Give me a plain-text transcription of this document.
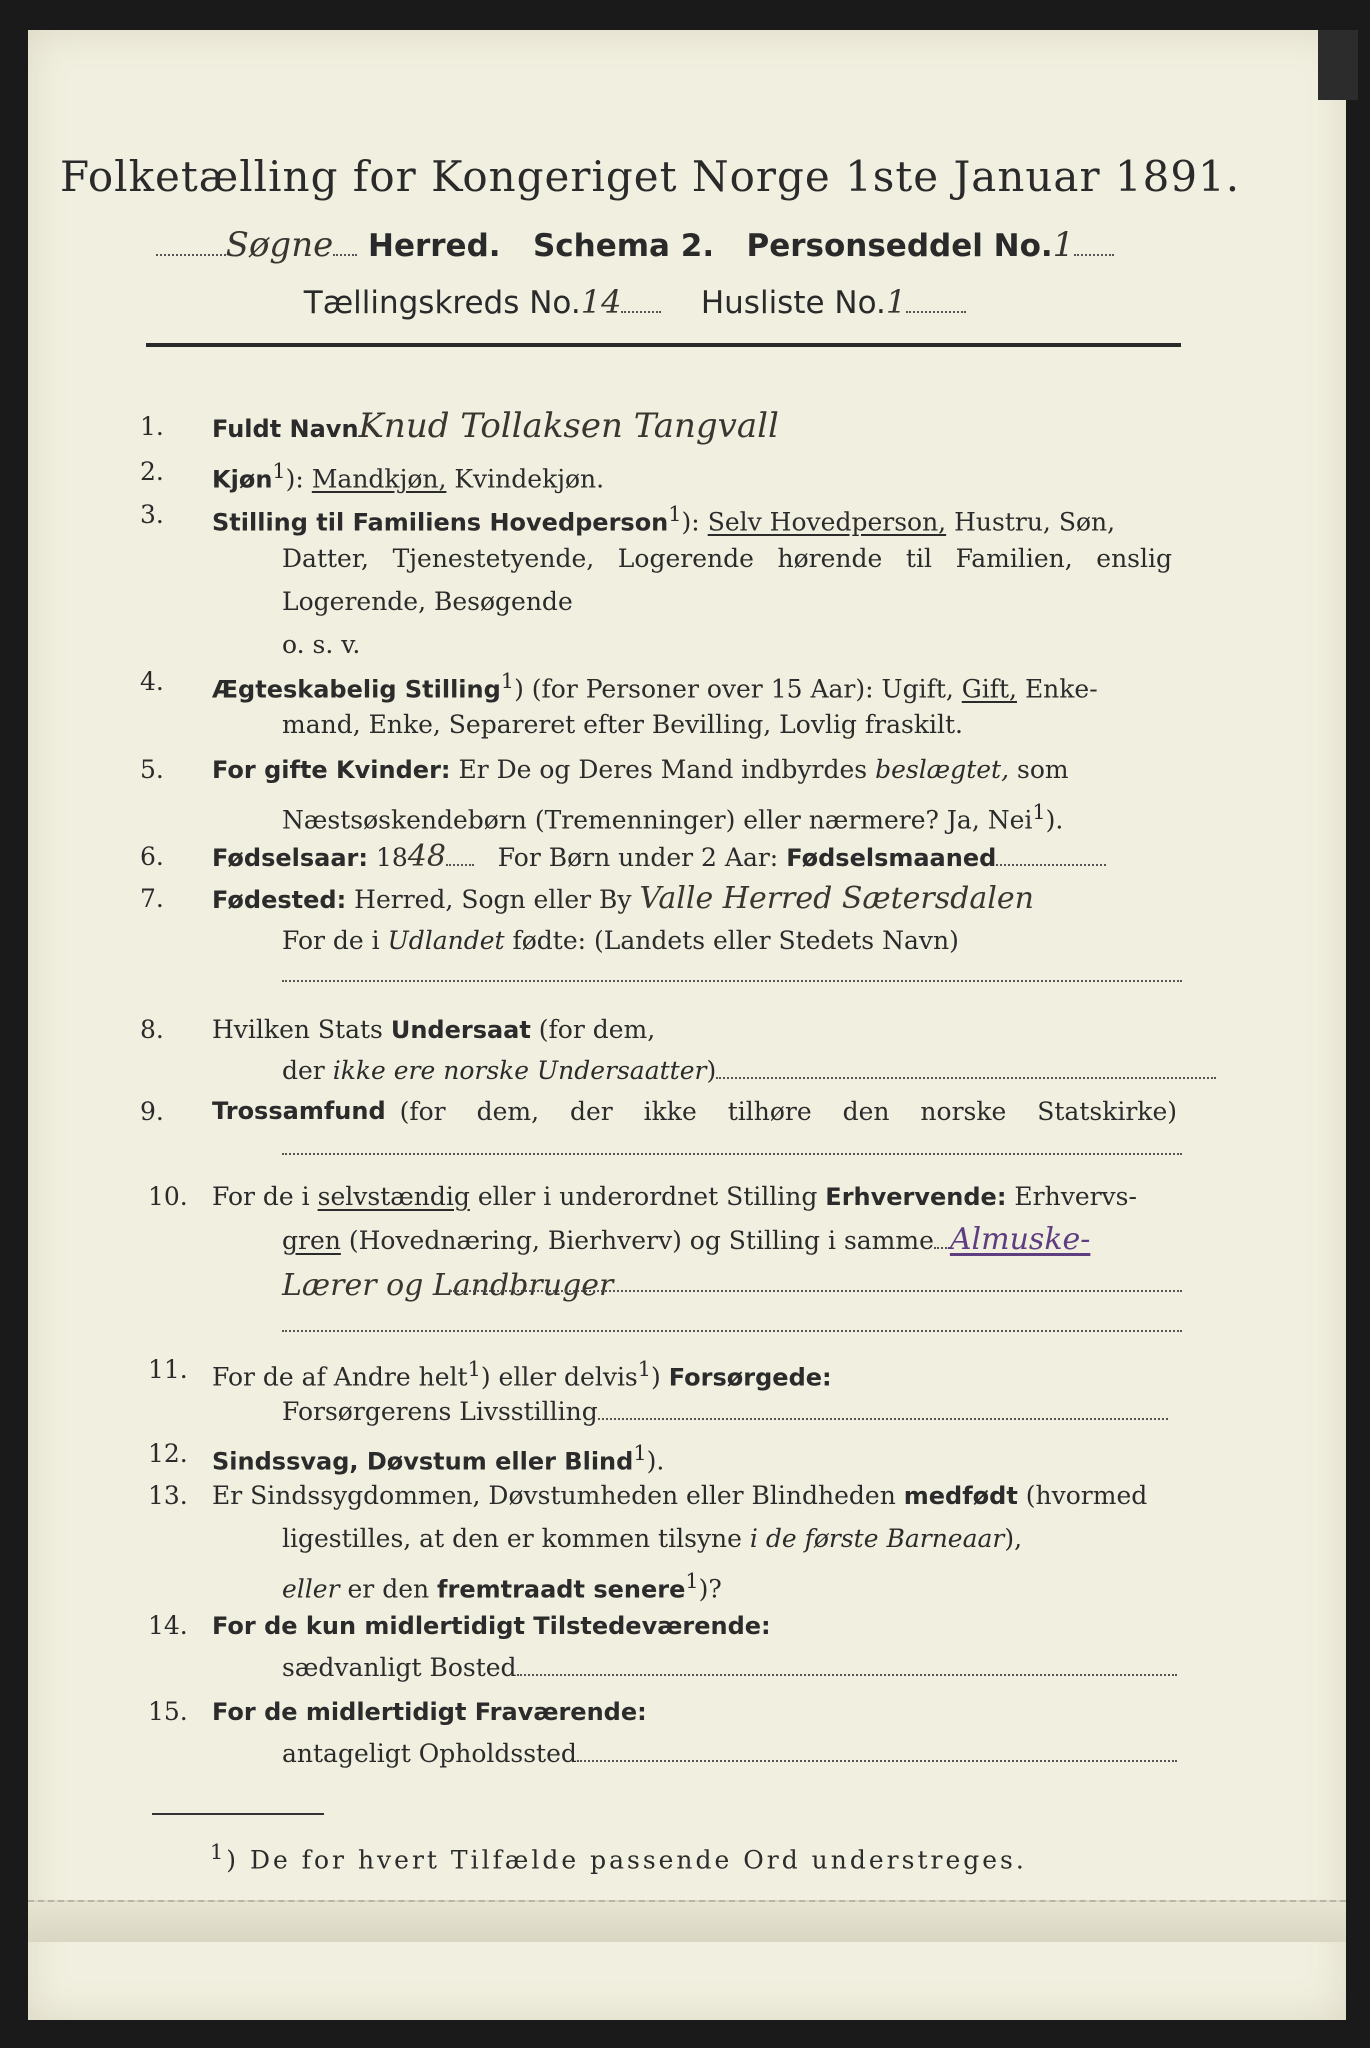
Folketælling for Kongeriget Norge 1ste Januar 1891.
Søgne Herred. Schema 2. Personseddel No.1
Tællingskreds No.14	Husliste No.1
1.	Fuldt NavnKnud Tollaksen Tangvall
2.	Kjøn$^1$): Mandkjøn, Kvindekjøn.
3.	Stilling til Familiens Hovedperson$^1$): Selv Hovedperson, Hustru, Søn,
Datter, Tjenestetyende, Logerende hørende til Familien, enslig
Logerende, Besøgende
o. s. v.
4.	Ægteskabelig Stilling$^1$) (for Personer over 15 Aar): Ugift, Gift, Enke-
mand, Enke, Separeret efter Bevilling, Lovlig fraskilt.
5.	For gifte Kvinder: Er De og Deres Mand indbyrdes beslægtet, som
Næstsøskendebørn (Tremenninger) eller nærmere? Ja, Nei$^1$).
6.	Fødselsaar: 1848 For Børn under 2 Aar: Fødselsmaaned
7.	Fødested: Herred, Sogn eller By Valle Herred Sætersdalen
For de i Udlandet fødte: (Landets eller Stedets Navn)
8.	Hvilken Stats Undersaat (for dem,
der ikke ere norske Undersaatter)
9.	Trossamfund (for dem, der ikke tilhøre den norske Statskirke)
10. For de i selvstændig eller i underordnet Stilling Erhvervende: Erhvervs-
gren (Hovednæring, Bierhverv) og Stilling i samme Almuske-
Lærer og Landbruger
11. For de af Andre helt$^1$) eller delvis$^1$) Forsørgede:
Forsørgerens Livsstilling
12.	Sindssvag, Døvstum eller Blind$^1$).
13. Er Sindssygdommen, Døvstumheden eller Blindheden medfødt (hvormed
ligestilles, at den er kommen tilsyne i de første Barneaar),
eller er den fremtraadt senere$^1$)?
14.	For de kun midlertidigt Tilstedeværende:
sædvanligt Bosted
15.	For de midlertidigt Fraværende:
antageligt Opholdssted
$^1$) De for hvert Tilfælde passende Ord understreges.
